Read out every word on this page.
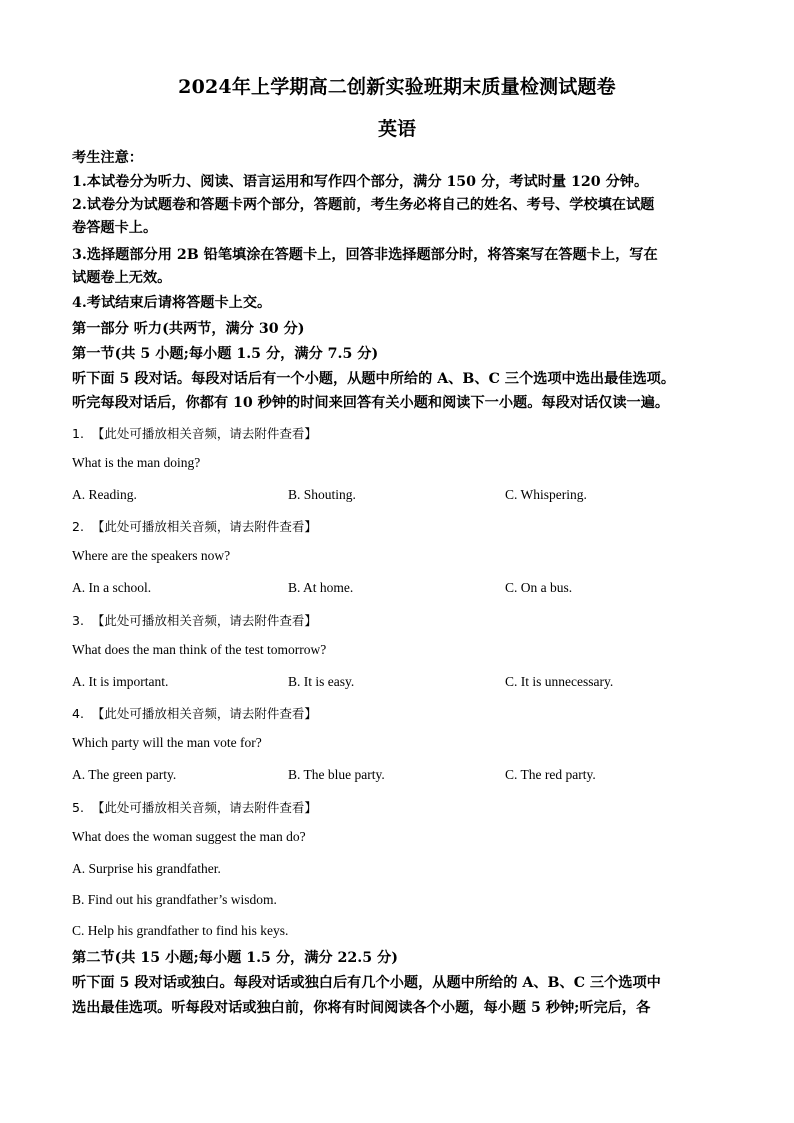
2024年上学期高二创新实验班期末质量检测试题卷
英语
考生注意：
1.本试卷分为听力、阅读、语言运用和写作四个部分，满分 150 分，考试时量 120 分钟。
2.试卷分为试题卷和答题卡两个部分，答题前，考生务必将自己的姓名、考号、学校填在试题
卷答题卡上。
3.选择题部分用 2B 铅笔填涂在答题卡上，回答非选择题部分时，将答案写在答题卡上，写在
试题卷上无效。
4.考试结束后请将答题卡上交。
第一部分 听力(共两节，满分 30 分)
第一节(共 5 小题;每小题 1.5 分，满分 7.5 分)
听下面 5 段对话。每段对话后有一个小题，从题中所给的 A、B、C 三个选项中选出最佳选项。
听完每段对话后，你都有 10 秒钟的时间来回答有关小题和阅读下一小题。每段对话仅读一遍。
1. 【此处可播放相关音频，请去附件查看】
What is the man doing?
A. Reading.	B. Shouting.	C. Whispering.
2. 【此处可播放相关音频，请去附件查看】
Where are the speakers now?
A. In a school.	B. At home.	C. On a bus.
3. 【此处可播放相关音频，请去附件查看】
What does the man think of the test tomorrow?
A. It is important.	B. It is easy.	C. It is unnecessary.
4. 【此处可播放相关音频，请去附件查看】
Which party will the man vote for?
A. The green party.	B. The blue party.	C. The red party.
5. 【此处可播放相关音频，请去附件查看】
What does the woman suggest the man do?
A. Surprise his grandfather.
B. Find out his grandfather’s wisdom.
C. Help his grandfather to find his keys.
第二节(共 15 小题;每小题 1.5 分，满分 22.5 分)
听下面 5 段对话或独白。每段对话或独白后有几个小题，从题中所给的 A、B、C 三个选项中
选出最佳选项。听每段对话或独白前，你将有时间阅读各个小题，每小题 5 秒钟;听完后，各
